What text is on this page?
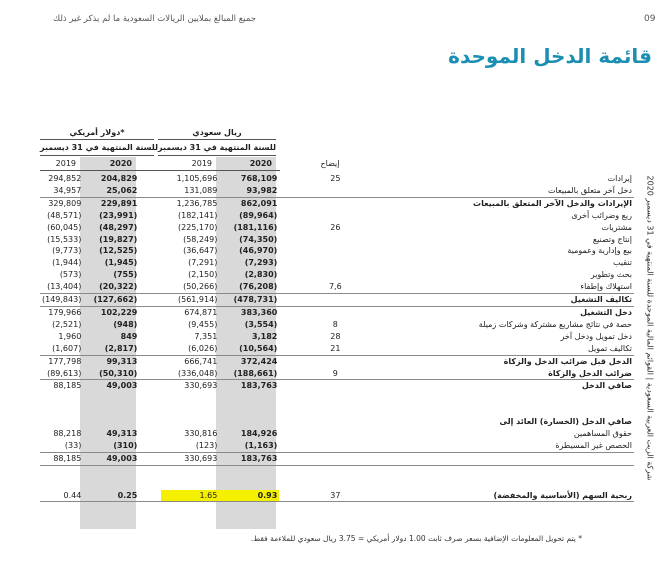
09
جميع المبالغ بملايين الريالات السعودية ما لم يذكر غير ذلك
قائمة الدخل الموحدة
شركة الزيت العربية السعودية | القوائم المالية الموحدة للسنة المنتهية في 31 ديسمبر 2020
دولار أمريكي*
للسنة المنتهية في 31 ديسمبر
ريال سعودي
للسنة المنتهية في 31 ديسمبر
2019	2020	2019	2020	إيضاح
294,852	204,829		1,105,696	768,109		25	إيرادات
34,957	25,062		131,089	93,982			دخل آخر متعلق بالمبيعات
329,809	229,891		1,236,785	862,091			الإيرادات والدخل الآخر المتعلق بالمبيعات
(48,571)	(23,991)		(182,141)	(89,964)			ريع وضرائب أخرى
(60,045)	(48,297)		(225,170)	(181,116)		26	مشتريات
(15,533)	(19,827)		(58,249)	(74,350)			إنتاج وتصنيع
(9,773)	(12,525)		(36,647)	(46,970)			بيع وإدارية وعمومية
(1,944)	(1,945)		(7,291)	(7,293)			تنقيب
(573)	(755)		(2,150)	(2,830)			بحث وتطوير
(13,404)	(20,322)		(50,266)	(76,208)		7,6	استهلاك وإطفاء
(149,843)	(127,662)		(561,914)	(478,731)			تكاليف التشغيل
179,966	102,229		674,871	383,360			دخل التشغيل
(2,521)	(948)		(9,455)	(3,554)		8	حصة في نتائج مشاريع مشتركة وشركات زميلة
1,960	849		7,351	3,182		28	دخل تمويل ودخل آخر
(1,607)	(2,817)		(6,026)	(10,564)		21	تكاليف تمويل
177,798	99,313		666,741	372,424			الدخل قبل ضرائب الدخل والزكاة
(89,613)	(50,310)		(336,048)	(188,661)		9	ضرائب الدخل والزكاة
88,185	49,003		330,693	183,763			صافي الدخل

							صافي الدخل (الخسارة) العائد إلى
88,218	49,313		330,816	184,926			حقوق المساهمين
(33)	(310)		(123)	(1,163)			الحصص غير المسيطرة
88,185	49,003		330,693	183,763			

0.44	0.25		1.65	0.93		37	ربحية السهم (الأساسية والمخفضة)
* يتم تحويل المعلومات الإضافية بسعر صرف ثابت 1.00 دولار أمريكي = 3.75 ريال سعودي للملاءمة فقط.
